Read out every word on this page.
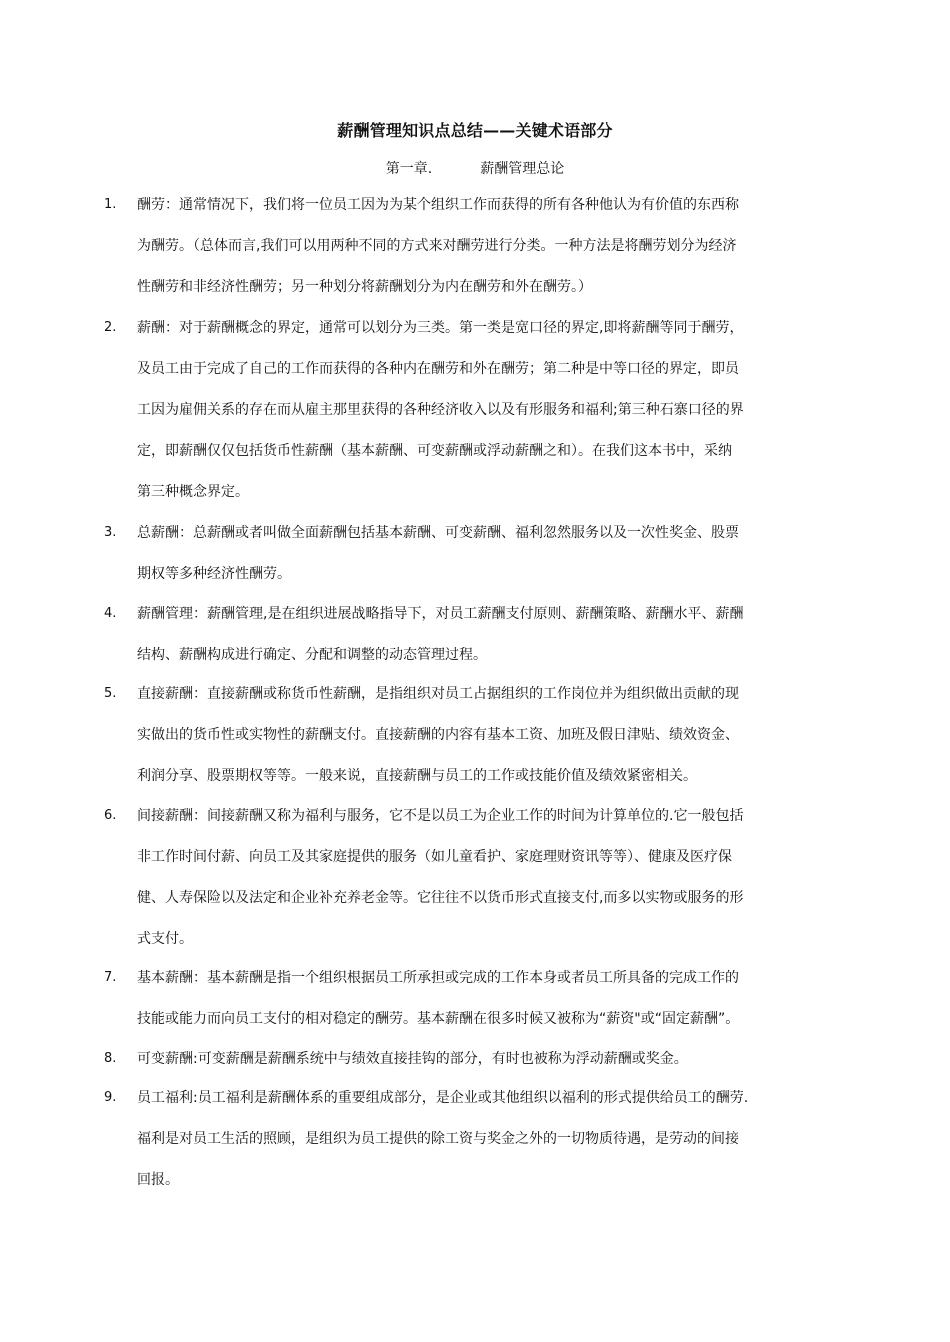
薪酬管理知识点总结——关键术语部分
第一章.	薪酬管理总论
1. 酬劳：通常情况下，我们将一位员工因为为某个组织工作而获得的所有各种他认为有价值的东西称
为酬劳。（总体而言,我们可以用两种不同的方式来对酬劳进行分类。一种方法是将酬劳划分为经济
性酬劳和非经济性酬劳；另一种划分将薪酬划分为内在酬劳和外在酬劳。）
2. 薪酬：对于薪酬概念的界定，通常可以划分为三类。第一类是宽口径的界定,即将薪酬等同于酬劳，
及员工由于完成了自己的工作而获得的各种内在酬劳和外在酬劳；第二种是中等口径的界定，即员
工因为雇佣关系的存在而从雇主那里获得的各种经济收入以及有形服务和福利;第三种石寨口径的界
定，即薪酬仅仅包括货币性薪酬（基本薪酬、可变薪酬或浮动薪酬之和）。在我们这本书中，采纳
第三种概念界定。
3. 总薪酬：总薪酬或者叫做全面薪酬包括基本薪酬、可变薪酬、福利忽然服务以及一次性奖金、股票
期权等多种经济性酬劳。
4. 薪酬管理：薪酬管理,是在组织进展战略指导下，对员工薪酬支付原则、薪酬策略、薪酬水平、薪酬
结构、薪酬构成进行确定、分配和调整的动态管理过程。
5. 直接薪酬：直接薪酬或称货币性薪酬，是指组织对员工占据组织的工作岗位并为组织做出贡献的现
实做出的货币性或实物性的薪酬支付。直接薪酬的内容有基本工资、加班及假日津贴、绩效资金、
利润分享、股票期权等等。一般来说，直接薪酬与员工的工作或技能价值及绩效紧密相关。
6. 间接薪酬：间接薪酬又称为福利与服务，它不是以员工为企业工作的时间为计算单位的.它一般包括
非工作时间付薪、向员工及其家庭提供的服务（如儿童看护、家庭理财资讯等等）、健康及医疗保
健、人寿保险以及法定和企业补充养老金等。它往往不以货币形式直接支付,而多以实物或服务的形
式支付。
7. 基本薪酬：基本薪酬是指一个组织根据员工所承担或完成的工作本身或者员工所具备的完成工作的
技能或能力而向员工支付的相对稳定的酬劳。基本薪酬在很多时候又被称为“薪资"或“固定薪酬”。
8. 可变薪酬:可变薪酬是薪酬系统中与绩效直接挂钩的部分，有时也被称为浮动薪酬或奖金。
9. 员工福利:员工福利是薪酬体系的重要组成部分，是企业或其他组织以福利的形式提供给员工的酬劳.
福利是对员工生活的照顾，是组织为员工提供的除工资与奖金之外的一切物质待遇，是劳动的间接
回报。
